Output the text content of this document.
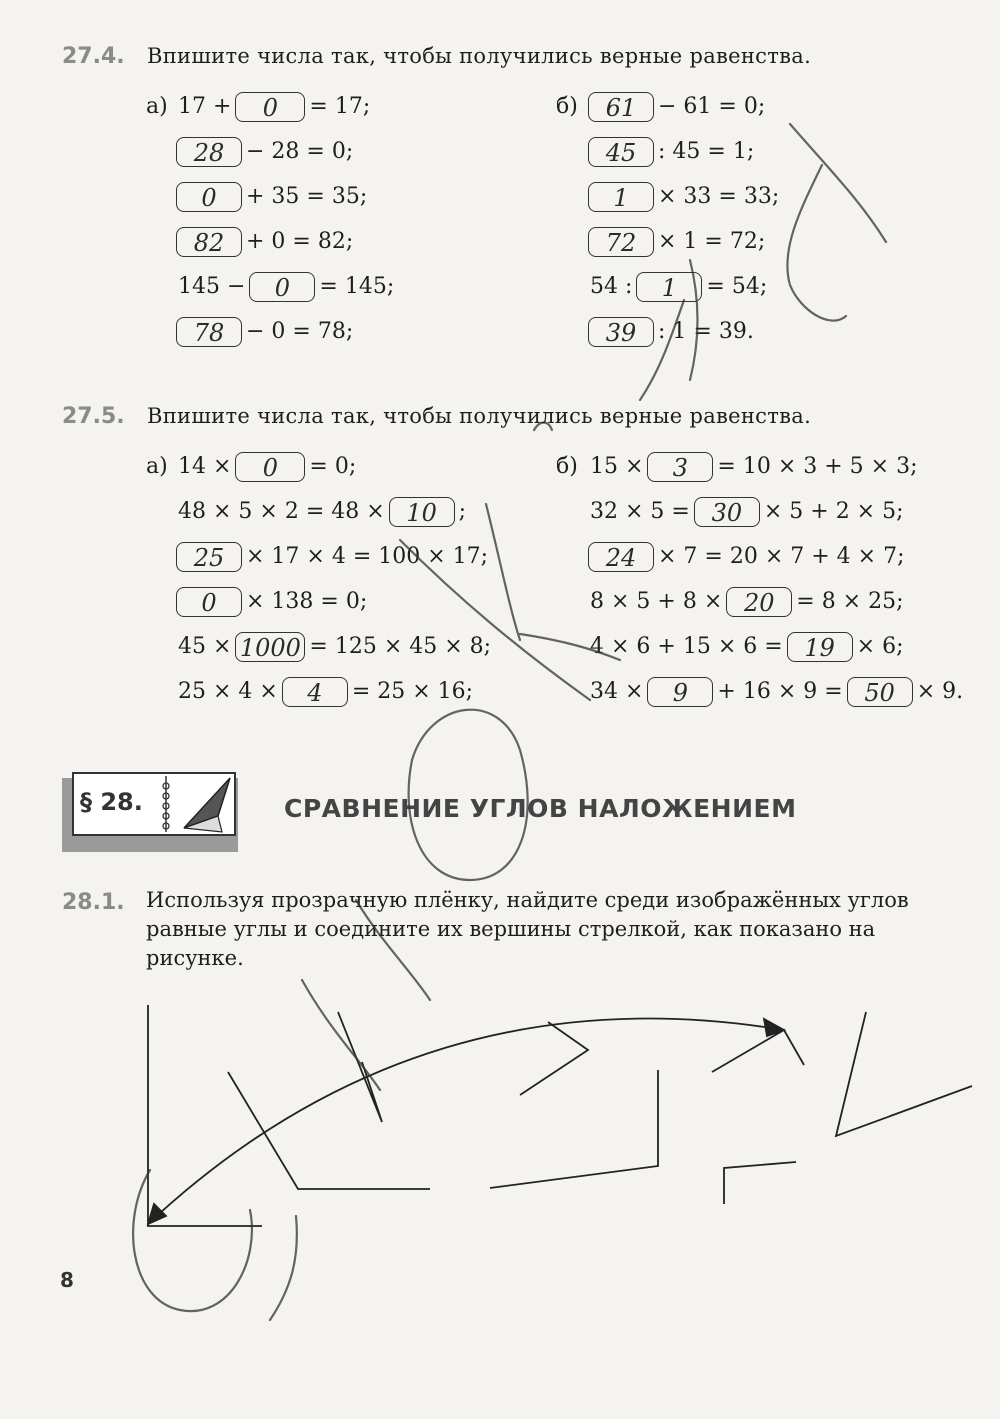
27.4. Впишите числа так, чтобы получились верные равенства.
а)	б)
17 + 0 = 17;
28 − 28 = 0;
0 + 35 = 35;
82 + 0 = 82;
145 − 0 = 145;
78 − 0 = 78;
61 − 61 = 0;
45 : 45 = 1;
1 × 33 = 33;
72 × 1 = 72;
54 : 1 = 54;
39 : 1 = 39.
27.5. Впишите числа так, чтобы получились верные равенства.
а)	б)
14 × 0 = 0;
48 × 5 × 2 = 48 × 10 ;
25 × 17 × 4 = 100 × 17;
0 × 138 = 0;
45 × 1000 = 125 × 45 × 8;
25 × 4 × 4 = 25 × 16;
15 × 3 = 10 × 3 + 5 × 3;
32 × 5 = 30 × 5 + 2 × 5;
24 × 7 = 20 × 7 + 4 × 7;
8 × 5 + 8 × 20 = 8 × 25;
4 × 6 + 15 × 6 = 19 × 6;
34 × 9 + 16 × 9 = 50 × 9.
§ 28.	СРАВНЕНИЕ УГЛОВ НАЛОЖЕНИЕМ
28.1. Используя прозрачную плёнку, найдите среди изображённых углов равные углы и соедините их вершины стрелкой, как показано на рисунке.
8
